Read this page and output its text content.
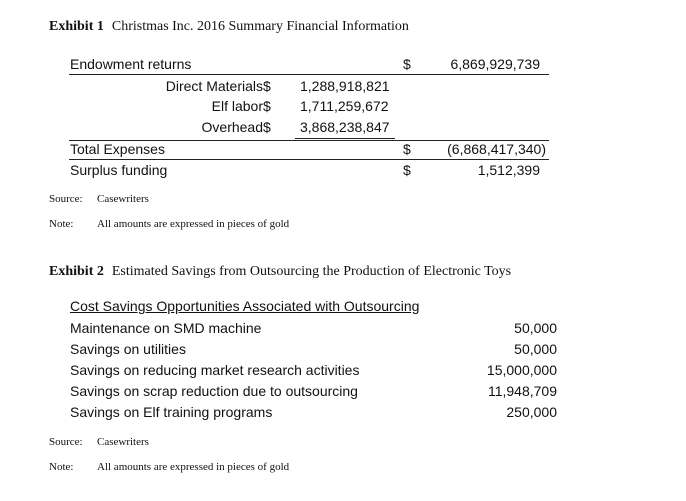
Exhibit 1 Christmas Inc. 2016 Summary Financial Information
Endowment returns	$	6,869,929,739
Direct Materials $ 1,288,918,821
Elf labor $ 1,711,259,672
Overhead $ 3,868,238,847
Total Expenses	$	(6,868,417,340)
Surplus funding	$	1,512,399
Source: Casewriters
Note: All amounts are expressed in pieces of gold
Exhibit 2 Estimated Savings from Outsourcing the Production of Electronic Toys
Cost Savings Opportunities Associated with Outsourcing
Maintenance on SMD machine	50,000
Savings on utilities	50,000
Savings on reducing market research activities	15,000,000
Savings on scrap reduction due to outsourcing	11,948,709
Savings on Elf training programs	250,000
Source: Casewriters
Note: All amounts are expressed in pieces of gold
